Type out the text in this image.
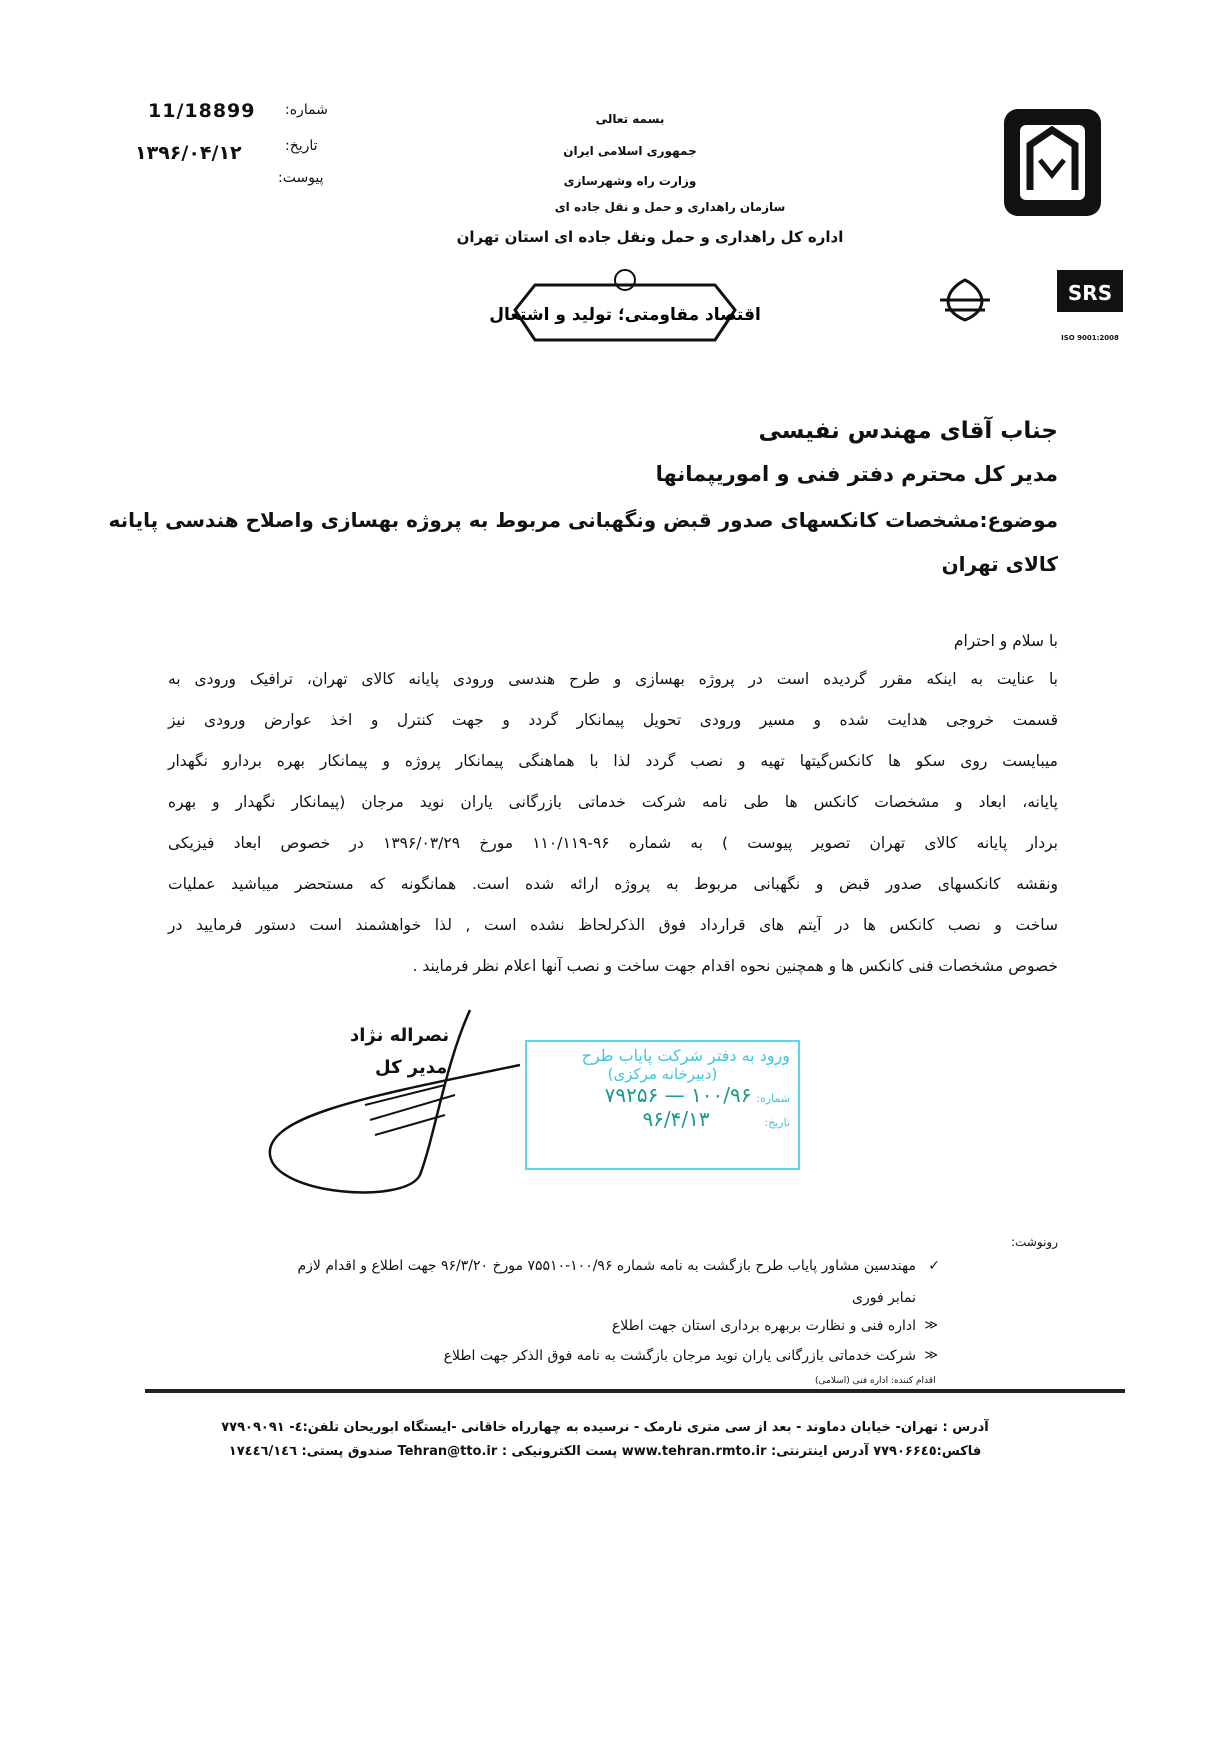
11/18899 شماره:
۱۳۹۶/۰۴/۱۲	تاریخ:
پیوست:
بسمه تعالی
جمهوری اسلامی ایران
وزارت راه وشهرسازی
سازمان راهداری و حمل و نقل جاده ای
اداره کل راهداری و حمل ونقل جاده ای استان تهران
اقتصاد مقاومتی؛ تولید و اشتغال
SRS
ISO 9001:2008
جناب آقای مهندس نفیسی
مدیر کل محترم دفتر فنی و اموریپمانها
موضوع:مشخصات کانکسهای صدور قبض ونگهبانی مربوط به پروژه بهسازی واصلاح هندسی پایانه
کالای تهران
با سلام و احترام
با عنایت به اینکه مقرر گردیده است در پروژه بهسازی و طرح هندسی ورودی پایانه کالای تهران، ترافیک ورودی به
قسمت خروجی هدایت شده و مسیر ورودی تحویل پیمانکار گردد و جهت کنترل و اخذ عوارض ورودی نیز
میبایست روی سکو ها کانکس‌گیتها تهیه و نصب گردد لذا با هماهنگی پیمانکار پروژه و پیمانکار بهره بردارو نگهدار
پایانه، ابعاد و مشخصات کانکس ها طی نامه شرکت خدماتی بازرگانی یاران نوید مرجان (پیمانکار نگهدار و بهره
بردار پایانه کالای تهران تصویر پیوست ) به شماره ۹۶-۱۱۰/۱۱۹ مورخ ۱۳۹۶/۰۳/۲۹ در خصوص ابعاد فیزیکی
ونقشه کانکسهای صدور قبض و نگهبانی مربوط به پروژه ارائه شده است. همانگونه که مستحضر میباشید عملیات
ساخت و نصب کانکس ها در آیتم های قرارداد فوق الذکرلحاظ نشده است , لذا خواهشمند است دستور فرمایید در
خصوص مشخصات فنی کانکس ها و همچنین نحوه اقدام جهت ساخت و نصب آنها اعلام نظر فرمایند .
نصراله نژاد
مدیر کل
ورود به دفتر شرکت پایاب طرح
(دبیرخانه مرکزی)
شماره: ۱۰۰/۹۶ — ۷۹۲۵۶
تاریخ: ۹۶/۴/۱۳
رونوشت:
مهندسین مشاور پایاب طرح بازگشت به نامه شماره ۱۰۰/۹۶-۷۵۵۱۰ مورخ ۹۶/۳/۲۰ جهت اطلاع و اقدام لازم
نمابر فوری
اداره فنی و نظارت بربهره برداری استان جهت اطلاع
شرکت خدماتی بازرگانی یاران نوید مرجان بازگشت به نامه فوق الذکر جهت اطلاع
✓
≫
≫
اقدام کننده: اداره فنی (اسلامی)
آدرس : تهران- خیابان دماوند - بعد از سی متری نارمک - نرسیده به چهارراه خاقانی -ایستگاه ابوریحان تلفن:٤- ۷۷۹۰۹۰۹۱
فاکس:۷۷۹۰۶۶٤٥ آدرس اینترنتی: www.tehran.rmto.ir پست الکترونیکی : Tehran@tto.ir صندوق پستی: ۱۷٤٤٦/۱٤٦
